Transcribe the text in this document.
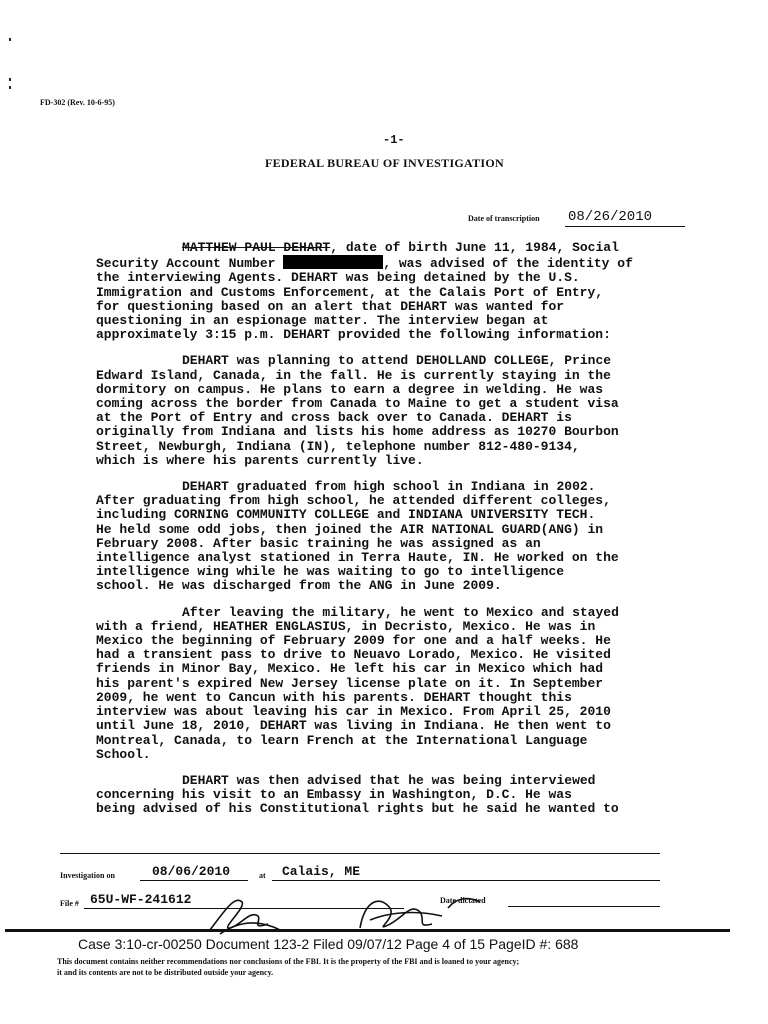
FD-302 (Rev. 10-6-95)
-1-
FEDERAL BUREAU OF INVESTIGATION
Date of transcription 08/26/2010

MATTHEW PAUL DEHART, date of birth June 11, 1984, Social
Security Account Number	, was advised of the identity of
the interviewing Agents. DEHART was being detained by the U.S.
Immigration and Customs Enforcement, at the Calais Port of Entry,
for questioning based on an alert that DEHART was wanted for
questioning in an espionage matter. The interview began at
approximately 3:15 p.m. DEHART provided the following information:

DEHART was planning to attend DEHOLLAND COLLEGE, Prince
Edward Island, Canada, in the fall. He is currently staying in the
dormitory on campus. He plans to earn a degree in welding. He was
coming across the border from Canada to Maine to get a student visa
at the Port of Entry and cross back over to Canada. DEHART is
originally from Indiana and lists his home address as 10270 Bourbon
Street, Newburgh, Indiana (IN), telephone number 812-480-9134,
which is where his parents currently live.

DEHART graduated from high school in Indiana in 2002.
After graduating from high school, he attended different colleges,
including CORNING COMMUNITY COLLEGE and INDIANA UNIVERSITY TECH.
He held some odd jobs, then joined the AIR NATIONAL GUARD(ANG) in
February 2008. After basic training he was assigned as an
intelligence analyst stationed in Terra Haute, IN. He worked on the
intelligence wing while he was waiting to go to intelligence
school. He was discharged from the ANG in June 2009.

After leaving the military, he went to Mexico and stayed
with a friend, HEATHER ENGLASIUS, in Decristo, Mexico. He was in
Mexico the beginning of February 2009 for one and a half weeks. He
had a transient pass to drive to Neuavo Lorado, Mexico. He visited
friends in Minor Bay, Mexico. He left his car in Mexico which had
his parent's expired New Jersey license plate on it. In September
2009, he went to Cancun with his parents. DEHART thought this
interview was about leaving his car in Mexico. From April 25, 2010
until June 18, 2010, DEHART was living in Indiana. He then went to
Montreal, Canada, to learn French at the International Language
School.

DEHART was then advised that he was being interviewed
concerning his visit to an Embassy in Washington, D.C. He was
being advised of his Constitutional rights but he said he wanted to

Investigation on	08/06/2010	at Calais, ME
File # 65U-WF-241612	Date dictated
Case 3:10-cr-00250 Document 123-2 Filed 09/07/12 Page 4 of 15 PageID #: 688
This document contains neither recommendations nor conclusions of the FBI. It is the property of the FBI and is loaned to your agency;
it and its contents are not to be distributed outside your agency.
